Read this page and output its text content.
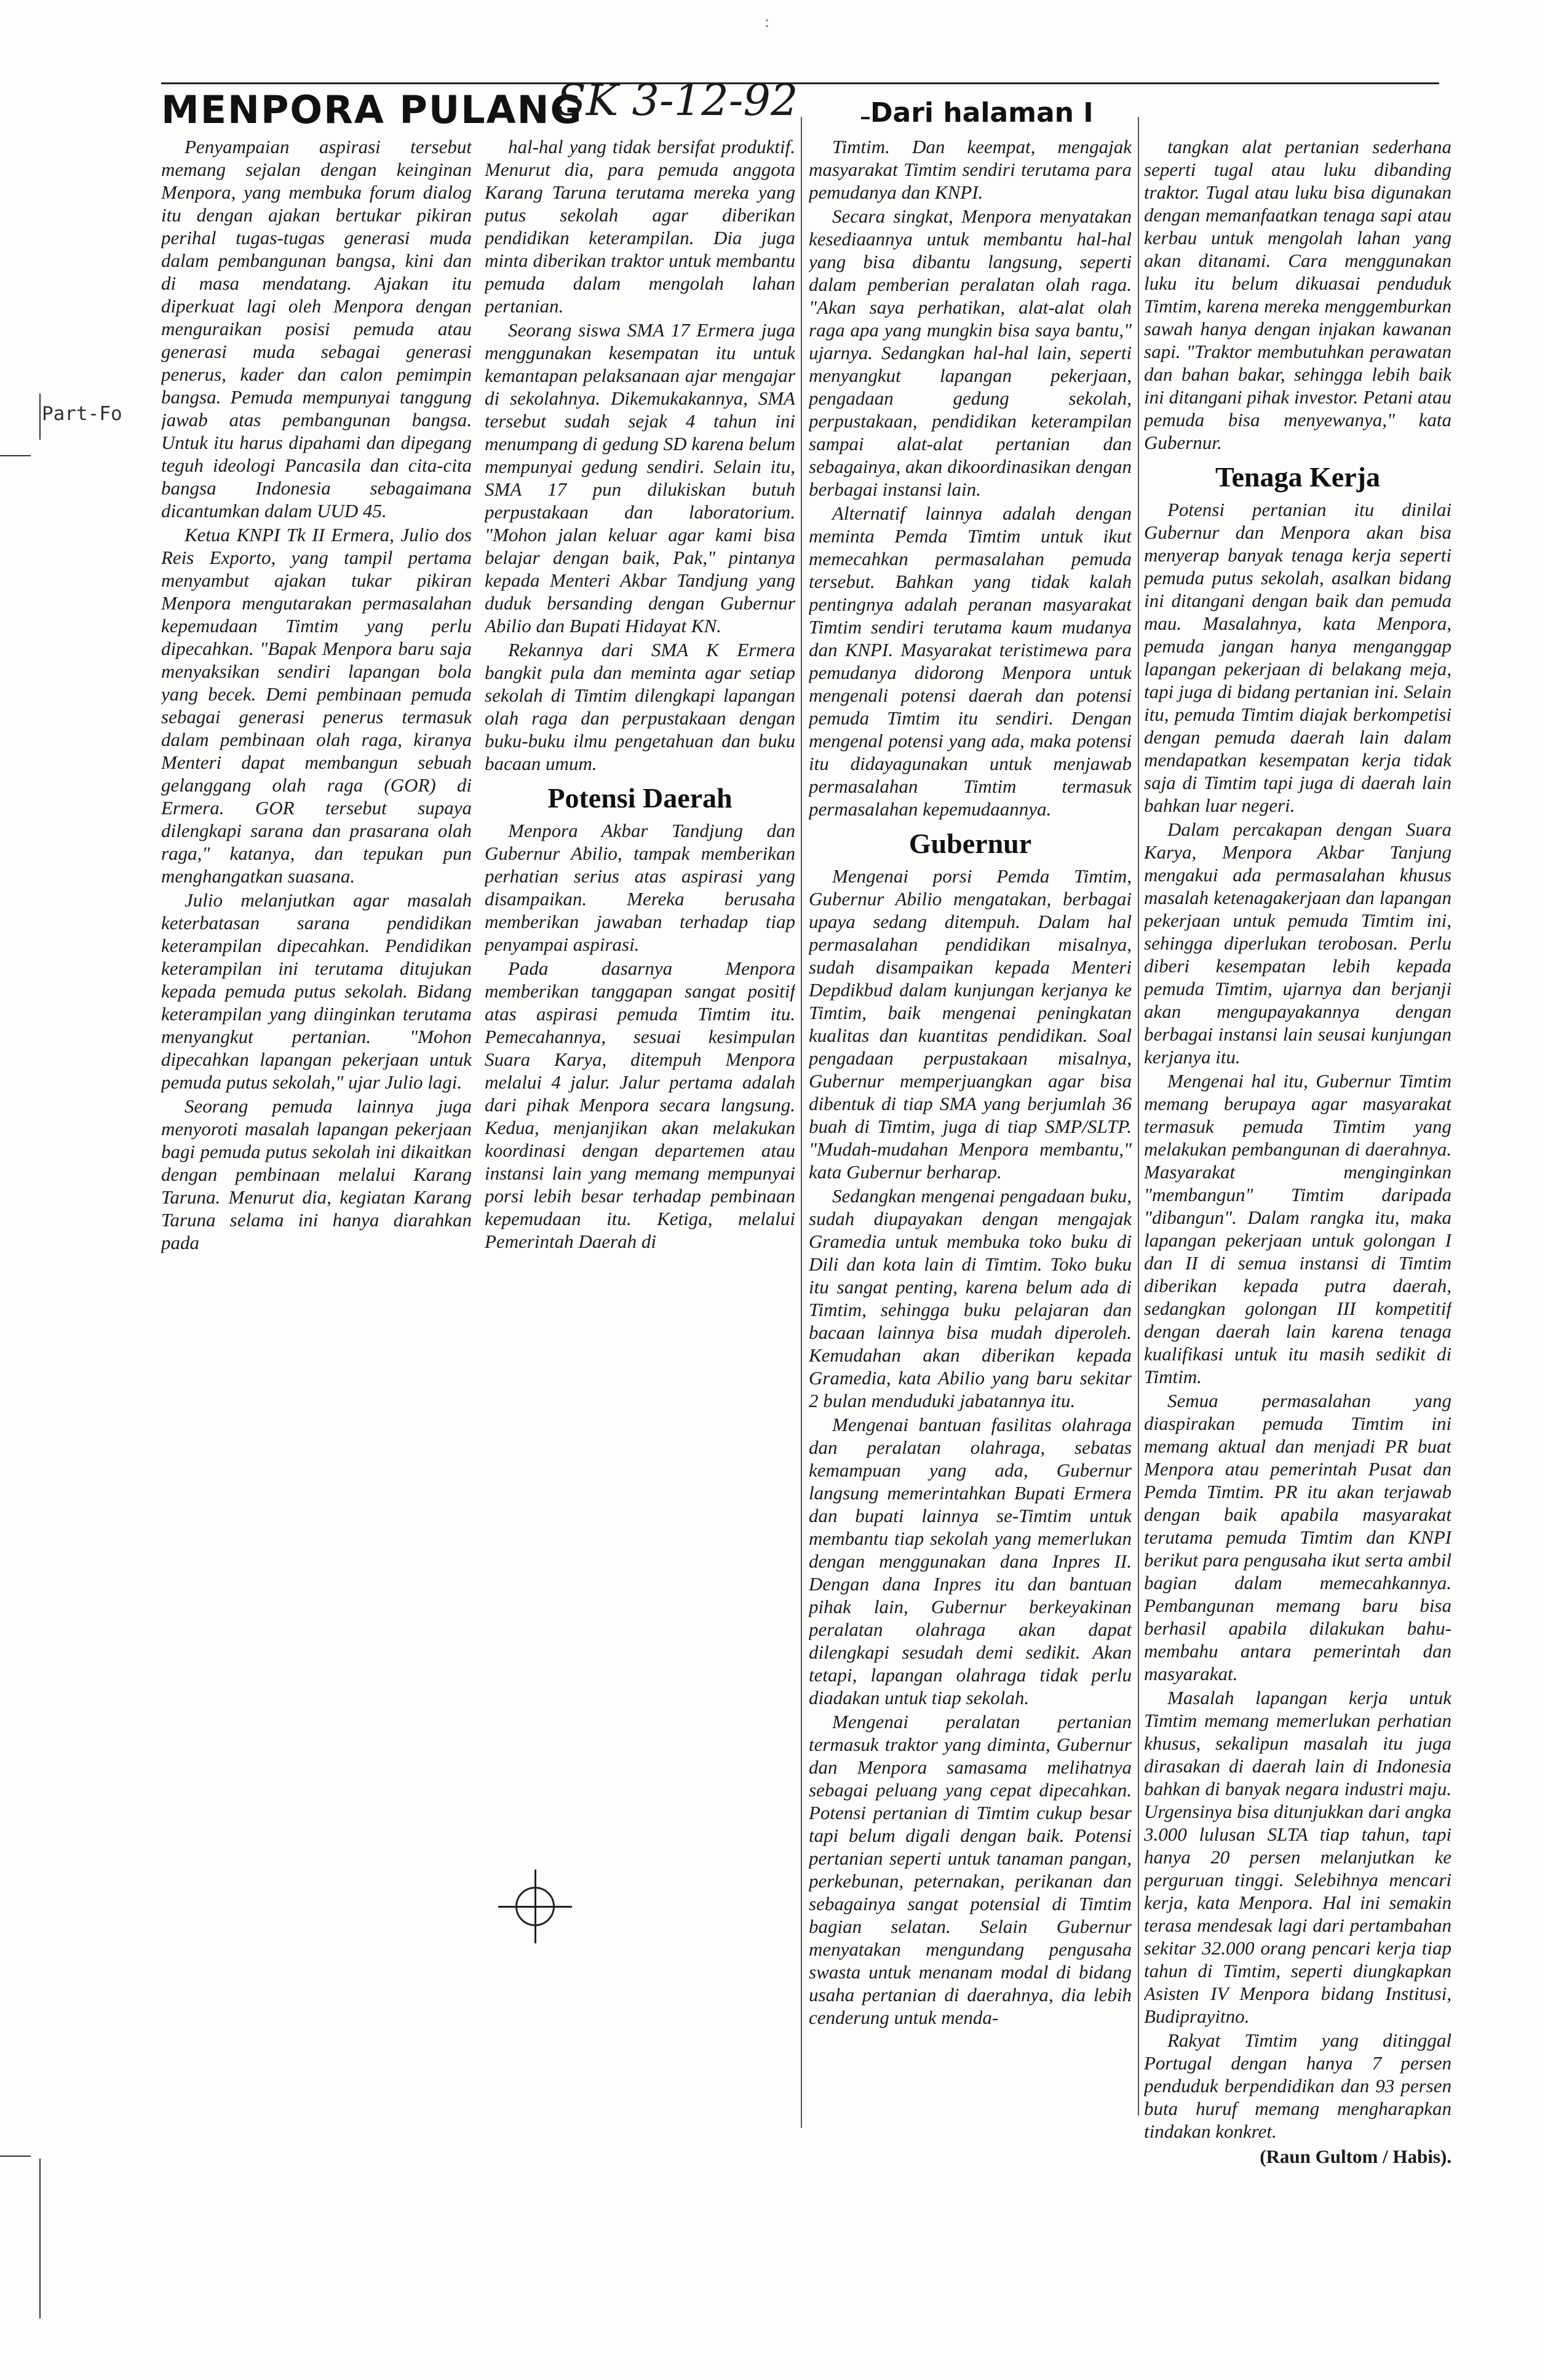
:
MENPORA PULANG
SK 3-12-92	Dari halaman I
Part-Fo

Penyampaian aspirasi tersebut memang sejalan dengan keinginan Menpora, yang membuka forum dialog itu dengan ajakan bertukar pikiran perihal tugas-tugas generasi muda dalam pembangunan bangsa, kini dan di masa mendatang. Ajakan itu diperkuat lagi oleh Menpora dengan menguraikan posisi pemuda atau generasi muda sebagai generasi penerus, kader dan calon pemimpin bangsa. Pemuda mempunyai tanggung jawab atas pembangunan bangsa. Untuk itu harus dipahami dan dipegang teguh ideologi Pancasila dan cita-cita bangsa Indonesia sebagaimana dicantumkan dalam UUD 45.

Ketua KNPI Tk II Ermera, Julio dos Reis Exporto, yang tampil pertama menyambut ajakan tukar pikiran Menpora mengutarakan permasalahan kepemudaan Timtim yang perlu dipecahkan. "Bapak Menpora baru saja menyaksikan sendiri lapangan bola yang becek. Demi pembinaan pemuda sebagai generasi penerus termasuk dalam pembinaan olah raga, kiranya Menteri dapat membangun sebuah gelanggang olah raga (GOR) di Ermera. GOR tersebut supaya dilengkapi sarana dan prasarana olah raga," katanya, dan tepukan pun menghangatkan suasana.

Julio melanjutkan agar masalah keterbatasan sarana pendidikan keterampilan dipecahkan. Pendidikan keterampilan ini terutama ditujukan kepada pemuda putus sekolah. Bidang keterampilan yang diinginkan terutama menyangkut pertanian. "Mohon dipecahkan lapangan pekerjaan untuk pemuda putus sekolah," ujar Julio lagi.

Seorang pemuda lainnya juga menyoroti masalah lapangan pekerjaan bagi pemuda putus sekolah ini dikaitkan dengan pembinaan melalui Karang Taruna. Menurut dia, kegiatan Karang Taruna selama ini hanya diarahkan pada

hal-hal yang tidak bersifat produktif. Menurut dia, para pemuda anggota Karang Taruna terutama mereka yang putus sekolah agar diberikan pendidikan keterampilan. Dia juga minta diberikan traktor untuk membantu pemuda dalam mengolah lahan pertanian.

Seorang siswa SMA 17 Ermera juga menggunakan kesempatan itu untuk kemantapan pelaksanaan ajar mengajar di sekolahnya. Dikemukakannya, SMA tersebut sudah sejak 4 tahun ini menumpang di gedung SD karena belum mempunyai gedung sendiri. Selain itu, SMA 17 pun dilukiskan butuh perpustakaan dan laboratorium. "Mohon jalan keluar agar kami bisa belajar dengan baik, Pak," pintanya kepada Menteri Akbar Tandjung yang duduk bersanding dengan Gubernur Abilio dan Bupati Hidayat KN.

Rekannya dari SMA K Ermera bangkit pula dan meminta agar setiap sekolah di Timtim dilengkapi lapangan olah raga dan perpustakaan dengan buku-buku ilmu pengetahuan dan buku bacaan umum.

Potensi Daerah

Menpora Akbar Tandjung dan Gubernur Abilio, tampak memberikan perhatian serius atas aspirasi yang disampaikan. Mereka berusaha memberikan jawaban terhadap tiap penyampai aspirasi.

Pada dasarnya Menpora memberikan tanggapan sangat positif atas aspirasi pemuda Timtim itu. Pemecahannya, sesuai kesimpulan Suara Karya, ditempuh Menpora melalui 4 jalur. Jalur pertama adalah dari pihak Menpora secara langsung. Kedua, menjanjikan akan melakukan koordinasi dengan departemen atau instansi lain yang memang mempunyai porsi lebih besar terhadap pembinaan kepemudaan itu. Ketiga, melalui Pemerintah Daerah di

Timtim. Dan keempat, mengajak masyarakat Timtim sendiri terutama para pemudanya dan KNPI.

Secara singkat, Menpora menyatakan kesediaannya untuk membantu hal-hal yang bisa dibantu langsung, seperti dalam pemberian peralatan olah raga. "Akan saya perhatikan, alat-alat olah raga apa yang mungkin bisa saya bantu," ujarnya. Sedangkan hal-hal lain, seperti menyangkut lapangan pekerjaan, pengadaan gedung sekolah, perpustakaan, pendidikan keterampilan sampai alat-alat pertanian dan sebagainya, akan dikoordinasikan dengan berbagai instansi lain.

Alternatif lainnya adalah dengan meminta Pemda Timtim untuk ikut memecahkan permasalahan pemuda tersebut. Bahkan yang tidak kalah pentingnya adalah peranan masyarakat Timtim sendiri terutama kaum mudanya dan KNPI. Masyarakat teristimewa para pemudanya didorong Menpora untuk mengenali potensi daerah dan potensi pemuda Timtim itu sendiri. Dengan mengenal potensi yang ada, maka potensi itu didayagunakan untuk menjawab permasalahan Timtim termasuk permasalahan kepemudaannya.

Gubernur

Mengenai porsi Pemda Timtim, Gubernur Abilio mengatakan, berbagai upaya sedang ditempuh. Dalam hal permasalahan pendidikan misalnya, sudah disampaikan kepada Menteri Depdikbud dalam kunjungan kerjanya ke Timtim, baik mengenai peningkatan kualitas dan kuantitas pendidikan. Soal pengadaan perpustakaan misalnya, Gubernur memperjuangkan agar bisa dibentuk di tiap SMA yang berjumlah 36 buah di Timtim, juga di tiap SMP/SLTP. "Mudah-mudahan Menpora membantu," kata Gubernur berharap.

Sedangkan mengenai pengadaan buku, sudah diupayakan dengan mengajak Gramedia untuk membuka toko buku di Dili dan kota lain di Timtim. Toko buku itu sangat penting, karena belum ada di Timtim, sehingga buku pelajaran dan bacaan lainnya bisa mudah diperoleh. Kemudahan akan diberikan kepada Gramedia, kata Abilio yang baru sekitar 2 bulan menduduki jabatannya itu.

Mengenai bantuan fasilitas olahraga dan peralatan olahraga, sebatas kemampuan yang ada, Gubernur langsung memerintahkan Bupati Ermera dan bupati lainnya se-Timtim untuk membantu tiap sekolah yang memerlukan dengan menggunakan dana Inpres II. Dengan dana Inpres itu dan bantuan pihak lain, Gubernur berkeyakinan peralatan olahraga akan dapat dilengkapi sesudah demi sedikit. Akan tetapi, lapangan olahraga tidak perlu diadakan untuk tiap sekolah.

Mengenai peralatan pertanian termasuk traktor yang diminta, Gubernur dan Menpora samasama melihatnya sebagai peluang yang cepat dipecahkan. Potensi pertanian di Timtim cukup besar tapi belum digali dengan baik. Potensi pertanian seperti untuk tanaman pangan, perkebunan, peternakan, perikanan dan sebagainya sangat potensial di Timtim bagian selatan. Selain Gubernur menyatakan mengundang pengusaha swasta untuk menanam modal di bidang usaha pertanian di daerahnya, dia lebih cenderung untuk menda-

tangkan alat pertanian sederhana seperti tugal atau luku dibanding traktor. Tugal atau luku bisa digunakan dengan memanfaatkan tenaga sapi atau kerbau untuk mengolah lahan yang akan ditanami. Cara menggunakan luku itu belum dikuasai penduduk Timtim, karena mereka menggemburkan sawah hanya dengan injakan kawanan sapi. "Traktor membutuhkan perawatan dan bahan bakar, sehingga lebih baik ini ditangani pihak investor. Petani atau pemuda bisa menyewanya," kata Gubernur.

Tenaga Kerja

Potensi pertanian itu dinilai Gubernur dan Menpora akan bisa menyerap banyak tenaga kerja seperti pemuda putus sekolah, asalkan bidang ini ditangani dengan baik dan pemuda mau. Masalahnya, kata Menpora, pemuda jangan hanya menganggap lapangan pekerjaan di belakang meja, tapi juga di bidang pertanian ini. Selain itu, pemuda Timtim diajak berkompetisi dengan pemuda daerah lain dalam mendapatkan kesempatan kerja tidak saja di Timtim tapi juga di daerah lain bahkan luar negeri.

Dalam percakapan dengan Suara Karya, Menpora Akbar Tanjung mengakui ada permasalahan khusus masalah ketenagakerjaan dan lapangan pekerjaan untuk pemuda Timtim ini, sehingga diperlukan terobosan. Perlu diberi kesempatan lebih kepada pemuda Timtim, ujarnya dan berjanji akan mengupayakannya dengan berbagai instansi lain seusai kunjungan kerjanya itu.

Mengenai hal itu, Gubernur Timtim memang berupaya agar masyarakat termasuk pemuda Timtim yang melakukan pembangunan di daerahnya. Masyarakat menginginkan "membangun" Timtim daripada "dibangun". Dalam rangka itu, maka lapangan pekerjaan untuk golongan I dan II di semua instansi di Timtim diberikan kepada putra daerah, sedangkan golongan III kompetitif dengan daerah lain karena tenaga kualifikasi untuk itu masih sedikit di Timtim.

Semua permasalahan yang diaspirakan pemuda Timtim ini memang aktual dan menjadi PR buat Menpora atau pemerintah Pusat dan Pemda Timtim. PR itu akan terjawab dengan baik apabila masyarakat terutama pemuda Timtim dan KNPI berikut para pengusaha ikut serta ambil bagian dalam memecahkannya. Pembangunan memang baru bisa berhasil apabila dilakukan bahu-membahu antara pemerintah dan masyarakat.

Masalah lapangan kerja untuk Timtim memang memerlukan perhatian khusus, sekalipun masalah itu juga dirasakan di daerah lain di Indonesia bahkan di banyak negara industri maju. Urgensinya bisa ditunjukkan dari angka 3.000 lulusan SLTA tiap tahun, tapi hanya 20 persen melanjutkan ke perguruan tinggi. Selebihnya mencari kerja, kata Menpora. Hal ini semakin terasa mendesak lagi dari pertambahan sekitar 32.000 orang pencari kerja tiap tahun di Timtim, seperti diungkapkan Asisten IV Menpora bidang Institusi, Budiprayitno.

Rakyat Timtim yang ditinggal Portugal dengan hanya 7 persen penduduk berpendidikan dan 93 persen buta huruf memang mengharapkan tindakan konkret.

(Raun Gultom / Habis).
